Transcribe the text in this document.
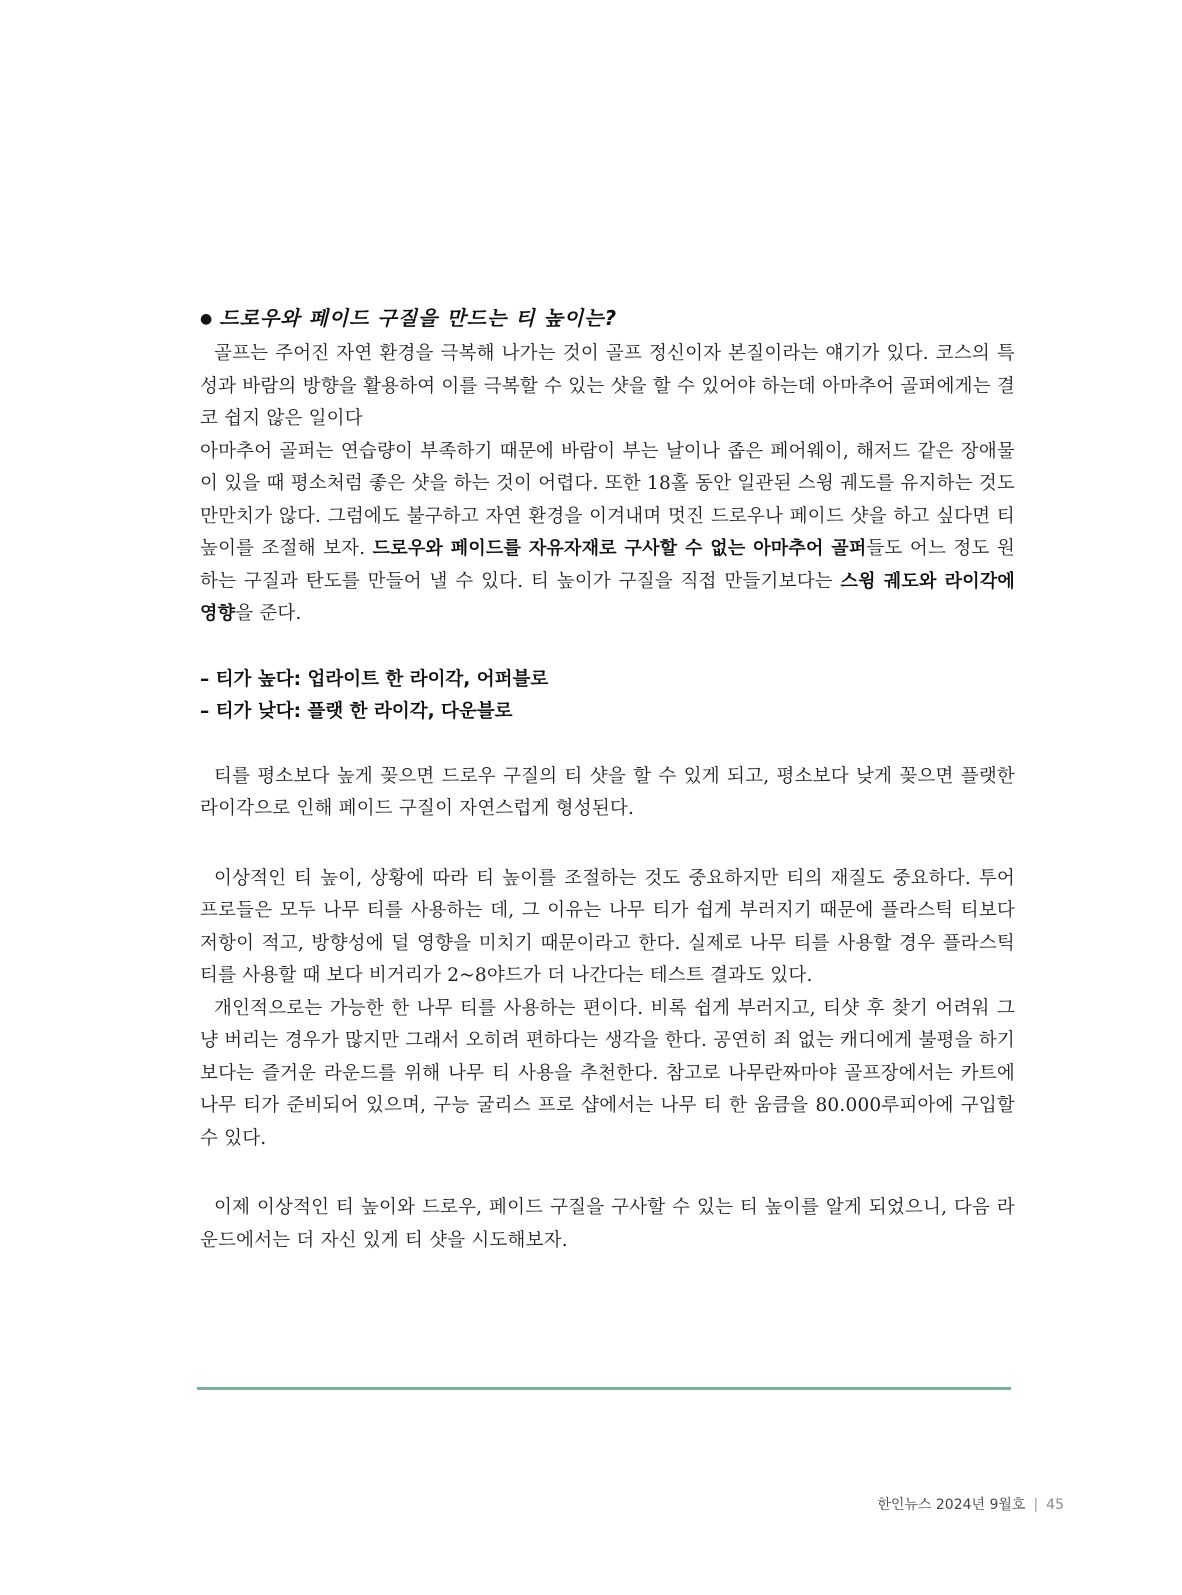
● 드로우와 페이드 구질을 만드는 티 높이는?

골프는 주어진 자연 환경을 극복해 나가는 것이 골프 정신이자 본질이라는 얘기가 있다. 코스의 특성과 바람의 방향을 활용하여 이를 극복할 수 있는 샷을 할 수 있어야 하는데 아마추어 골퍼에게는 결코 쉽지 않은 일이다

아마추어 골퍼는 연습량이 부족하기 때문에 바람이 부는 날이나 좁은 페어웨이, 해저드 같은 장애물이 있을 때 평소처럼 좋은 샷을 하는 것이 어렵다. 또한 18홀 동안 일관된 스윙 궤도를 유지하는 것도 만만치가 않다. 그럼에도 불구하고 자연 환경을 이겨내며 멋진 드로우나 페이드 샷을 하고 싶다면 티 높이를 조절해 보자. 드로우와 페이드를 자유자재로 구사할 수 없는 아마추어 골퍼들도 어느 정도 원하는 구질과 탄도를 만들어 낼 수 있다. 티 높이가 구질을 직접 만들기보다는 스윙 궤도와 라이각에 영향을 준다.

– 티가 높다: 업라이트 한 라이각, 어퍼블로

– 티가 낮다: 플랫 한 라이각, 다운블로

티를 평소보다 높게 꽂으면 드로우 구질의 티 샷을 할 수 있게 되고, 평소보다 낮게 꽂으면 플랫한 라이각으로 인해 페이드 구질이 자연스럽게 형성된다.

이상적인 티 높이, 상황에 따라 티 높이를 조절하는 것도 중요하지만 티의 재질도 중요하다. 투어 프로들은 모두 나무 티를 사용하는 데, 그 이유는 나무 티가 쉽게 부러지기 때문에 플라스틱 티보다 저항이 적고, 방향성에 덜 영향을 미치기 때문이라고 한다. 실제로 나무 티를 사용할 경우 플라스틱 티를 사용할 때 보다 비거리가 2~8야드가 더 나간다는 테스트 결과도 있다.

개인적으로는 가능한 한 나무 티를 사용하는 편이다. 비록 쉽게 부러지고, 티샷 후 찾기 어려워 그냥 버리는 경우가 많지만 그래서 오히려 편하다는 생각을 한다. 공연히 죄 없는 캐디에게 불평을 하기보다는 즐거운 라운드를 위해 나무 티 사용을 추천한다. 참고로 나무란짜마야 골프장에서는 카트에 나무 티가 준비되어 있으며, 구능 굴리스 프로 샵에서는 나무 티 한 움큼을 80.000루피아에 구입할 수 있다.

이제 이상적인 티 높이와 드로우, 페이드 구질을 구사할 수 있는 티 높이를 알게 되었으니, 다음 라운드에서는 더 자신 있게 티 샷을 시도해보자.

한인뉴스 2024년 9월호 | 45
